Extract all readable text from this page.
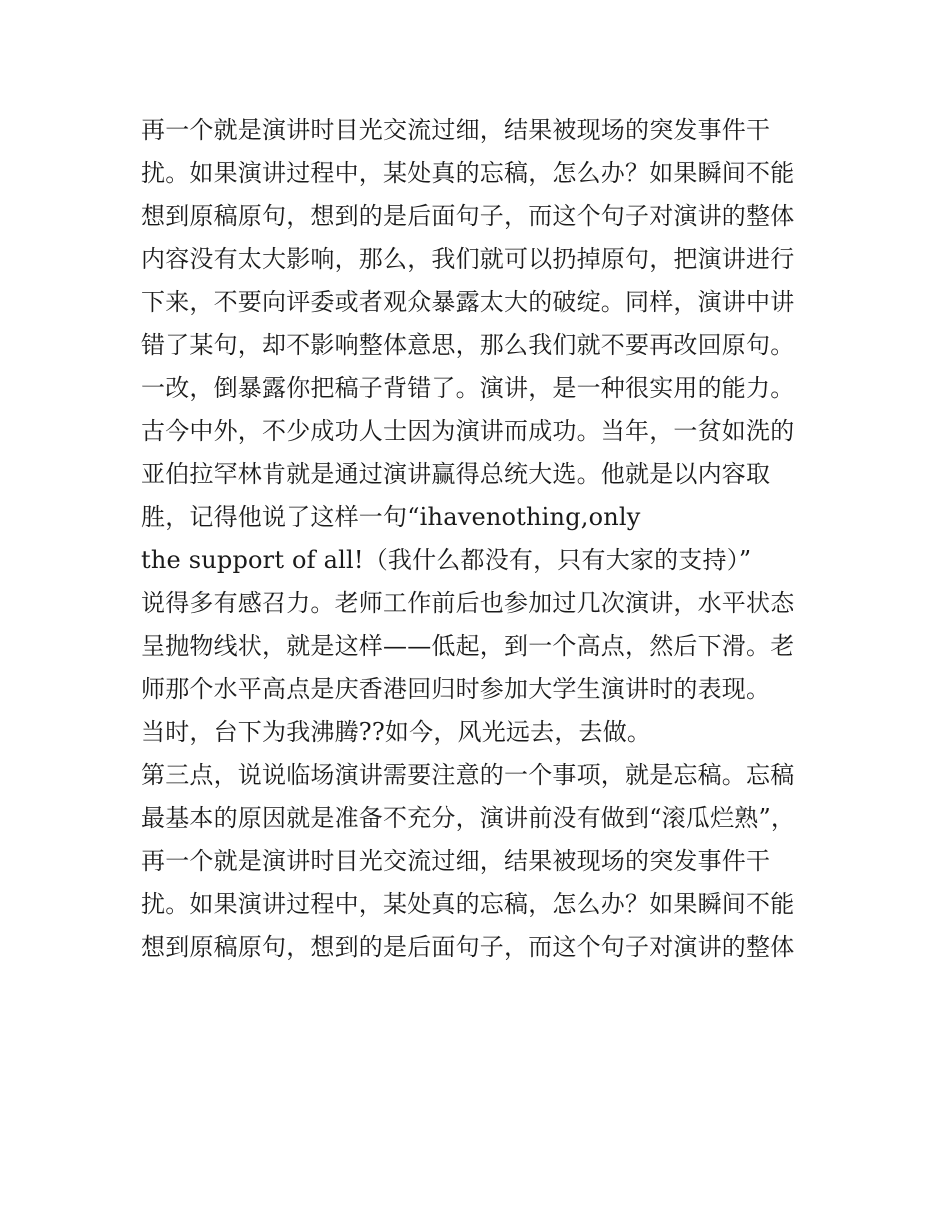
再一个就是演讲时目光交流过细，结果被现场的突发事件干
扰。如果演讲过程中，某处真的忘稿，怎么办？如果瞬间不能
想到原稿原句，想到的是后面句子，而这个句子对演讲的整体
内容没有太大影响，那么，我们就可以扔掉原句，把演讲进行
下来，不要向评委或者观众暴露太大的破绽。同样，演讲中讲
错了某句，却不影响整体意思，那么我们就不要再改回原句。
一改，倒暴露你把稿子背错了。演讲，是一种很实用的能力。
古今中外，不少成功人士因为演讲而成功。当年，一贫如洗的
亚伯拉罕林肯就是通过演讲赢得总统大选。他就是以内容取
胜，记得他说了这样一句“ihavenothing,only
the support of all!（我什么都没有，只有大家的支持）”
说得多有感召力。老师工作前后也参加过几次演讲，水平状态
呈抛物线状，就是这样——低起，到一个高点，然后下滑。老
师那个水平高点是庆香港回归时参加大学生演讲时的表现。
当时，台下为我沸腾??如今，风光远去，去做。
第三点，说说临场演讲需要注意的一个事项，就是忘稿。忘稿
最基本的原因就是准备不充分，演讲前没有做到“滚瓜烂熟”，
再一个就是演讲时目光交流过细，结果被现场的突发事件干
扰。如果演讲过程中，某处真的忘稿，怎么办？如果瞬间不能
想到原稿原句，想到的是后面句子，而这个句子对演讲的整体
